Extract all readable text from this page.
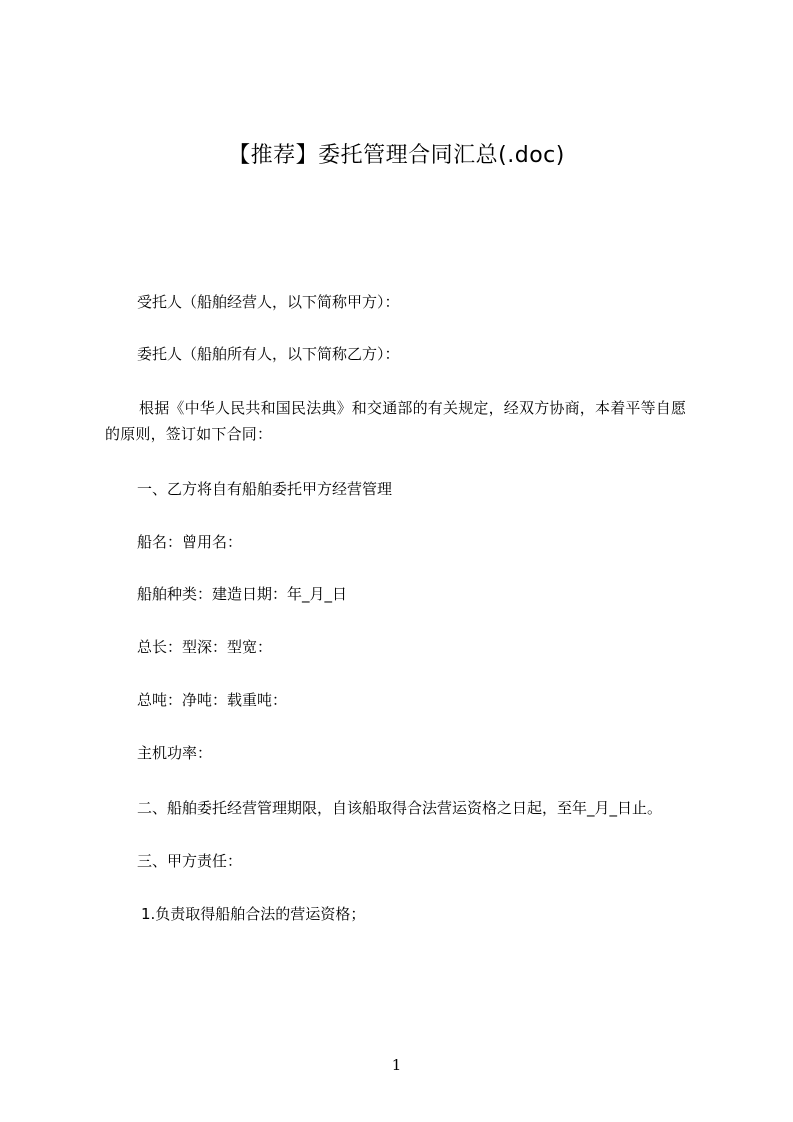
【推荐】委托管理合同汇总(.doc)
受托人（船舶经营人，以下简称甲方）：
委托人（船舶所有人，以下简称乙方）：
根据《中华人民共和国民法典》和交通部的有关规定，经双方协商，本着平等自愿的原则，签订如下合同：
一、乙方将自有船舶委托甲方经营管理
船名：曾用名：
船舶种类：建造日期：年_月_日
总长：型深：型宽：
总吨：净吨：载重吨：
主机功率：
二、船舶委托经营管理期限，自该船取得合法营运资格之日起，至年_月_日止。
三、甲方责任：
1.负责取得船舶合法的营运资格；
1
